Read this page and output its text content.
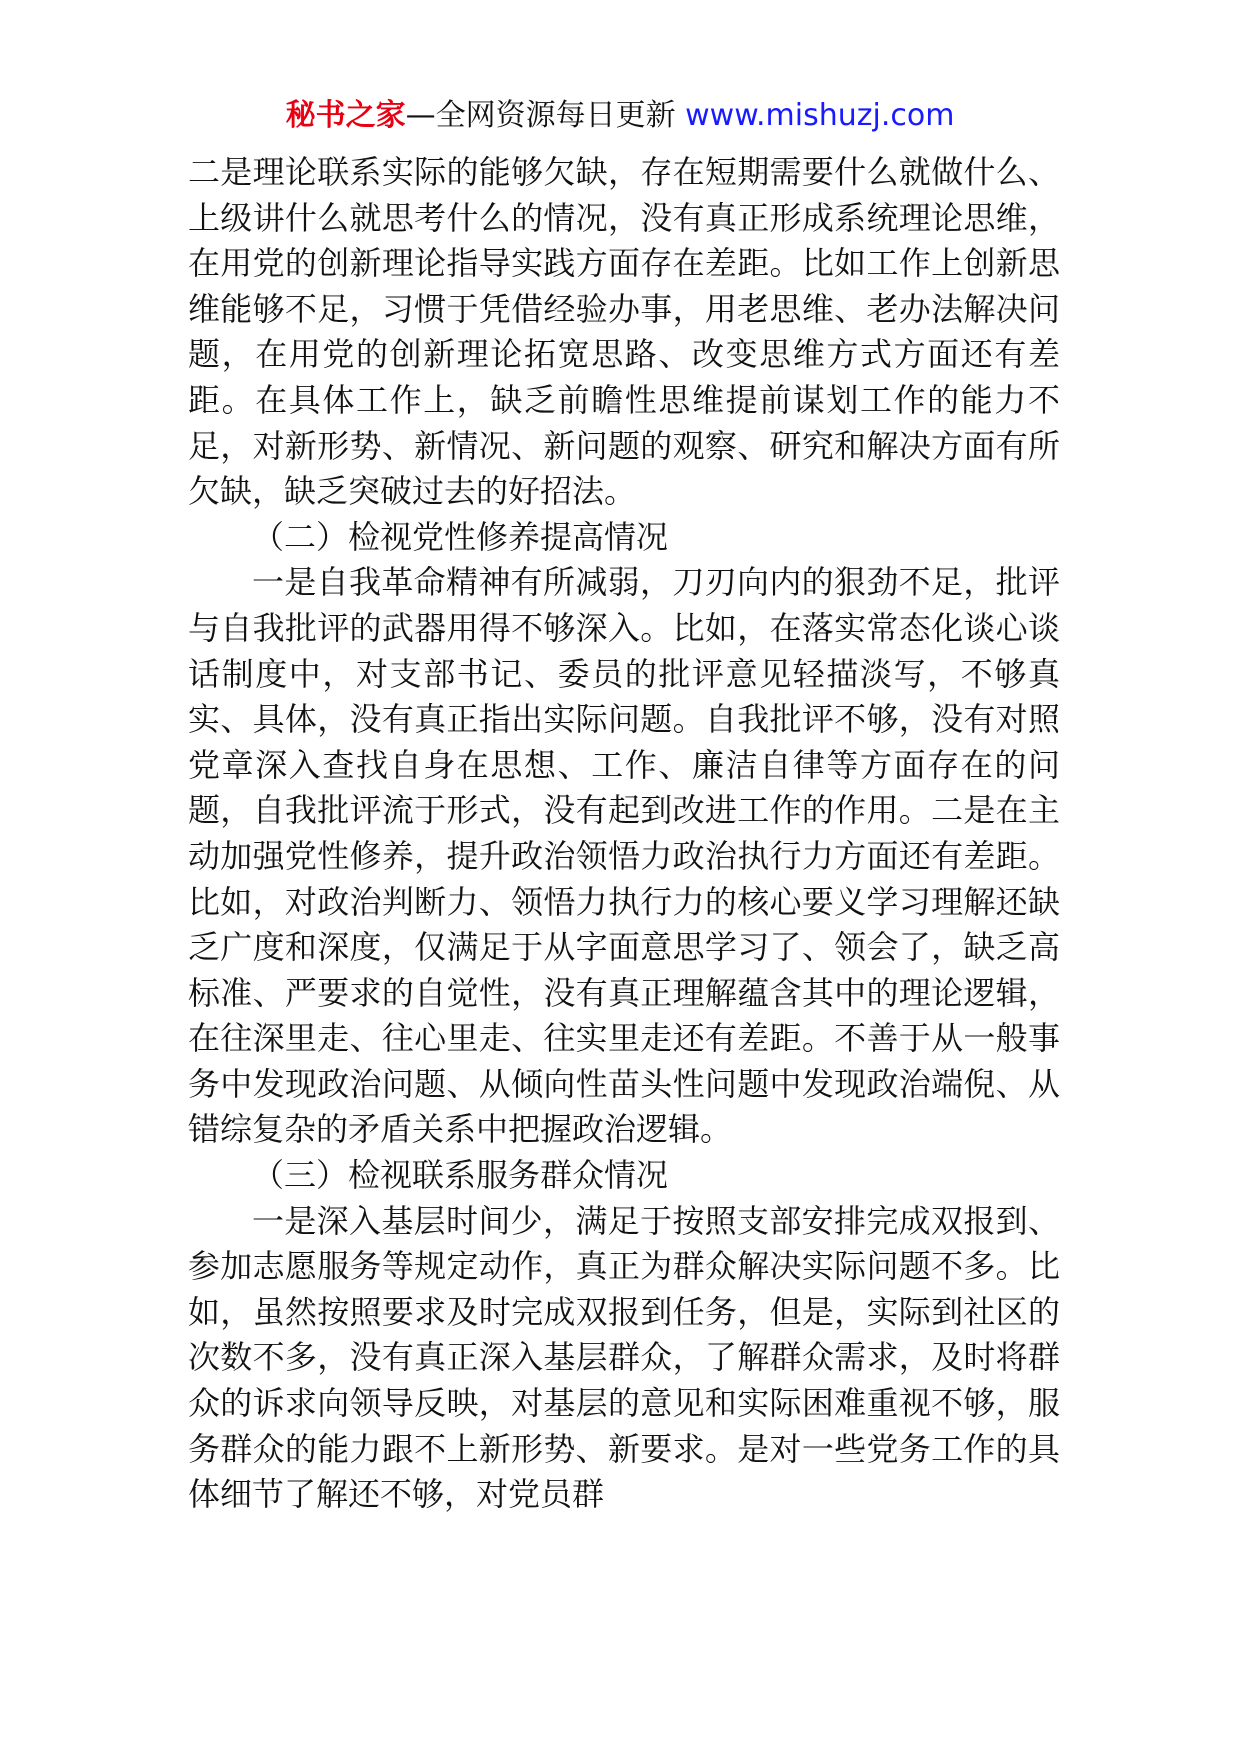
秘书之家—全网资源每日更新 www.mishuzj.com

二是理论联系实际的能够欠缺，存在短期需要什么就做什么、上级讲什么就思考什么的情况，没有真正形成系统理论思维，在用党的创新理论指导实践方面存在差距。比如工作上创新思维能够不足，习惯于凭借经验办事，用老思维、老办法解决问题，在用党的创新理论拓宽思路、改变思维方式方面还有差距。在具体工作上，缺乏前瞻性思维提前谋划工作的能力不足，对新形势、新情况、新问题的观察、研究和解决方面有所欠缺，缺乏突破过去的好招法。

（二）检视党性修养提高情况

一是自我革命精神有所减弱，刀刃向内的狠劲不足，批评与自我批评的武器用得不够深入。比如，在落实常态化谈心谈话制度中，对支部书记、委员的批评意见轻描淡写，不够真实、具体，没有真正指出实际问题。自我批评不够，没有对照党章深入查找自身在思想、工作、廉洁自律等方面存在的问题，自我批评流于形式，没有起到改进工作的作用。二是在主动加强党性修养，提升政治领悟力政治执行力方面还有差距。比如，对政治判断力、领悟力执行力的核心要义学习理解还缺乏广度和深度，仅满足于从字面意思学习了、领会了，缺乏高标准、严要求的自觉性，没有真正理解蕴含其中的理论逻辑，在往深里走、往心里走、往实里走还有差距。不善于从一般事务中发现政治问题、从倾向性苗头性问题中发现政治端倪、从错综复杂的矛盾关系中把握政治逻辑。

（三）检视联系服务群众情况

一是深入基层时间少，满足于按照支部安排完成双报到、参加志愿服务等规定动作，真正为群众解决实际问题不多。比如，虽然按照要求及时完成双报到任务，但是，实际到社区的次数不多，没有真正深入基层群众，了解群众需求，及时将群众的诉求向领导反映，对基层的意见和实际困难重视不够，服务群众的能力跟不上新形势、新要求。是对一些党务工作的具体细节了解还不够，对党员群
